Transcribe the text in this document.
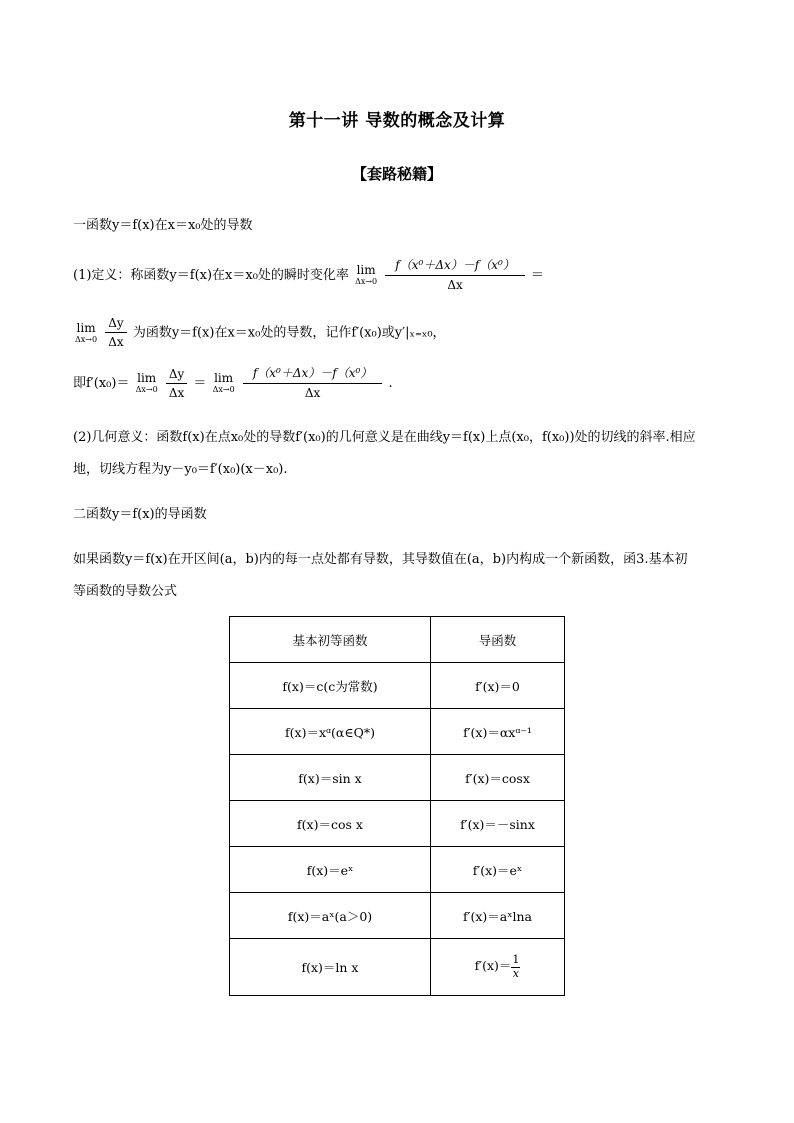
第十一讲 导数的概念及计算
【套路秘籍】
一函数y＝f(x)在x＝x₀处的导数
(1)定义：称函数y＝f(x)在x＝x₀处的瞬时变化率 lim
Δx→0
$\frac{\text{f（x⁰＋Δx）－f（x⁰）}}{\Delta x}$ ＝
lim
Δx→0
$\frac{\Delta y}{\Delta x}$ 为函数y＝f(x)在x＝x₀处的导数，记作f′(x₀)或y′|ₓ₌ₓ₀，
即f′(x₀)＝ lim
Δx→0
$\frac{\Delta y}{\Delta x} = \lim$
Δx→0
$\frac{\text{f（x⁰＋Δx）－f（x⁰）}}{\Delta x}$ .
(2)几何意义：函数f(x)在点x₀处的导数f′(x₀)的几何意义是在曲线y＝f(x)上点(x₀，f(x₀))处的切线的斜率.相应
地，切线方程为y－y₀＝f′(x₀)(x－x₀).
二函数y＝f(x)的导函数
如果函数y＝f(x)在开区间(a，b)内的每一点处都有导数，其导数值在(a，b)内构成一个新函数，函3.基本初
等函数的导数公式
基本初等函数	导函数
f(x)＝c(c为常数)	f′(x)＝0
f(x)＝xᵅ(α∈Q*)	f′(x)＝αxᵅ⁻¹
f(x)＝sin x	f′(x)＝cosx
f(x)＝cos x	f′(x)＝－sinx
f(x)＝eˣ	f′(x)＝eˣ
f(x)＝aˣ(a＞0)	f′(x)＝aˣlna
f(x)＝ln x	$f'(x)= \frac{1}{x}$
